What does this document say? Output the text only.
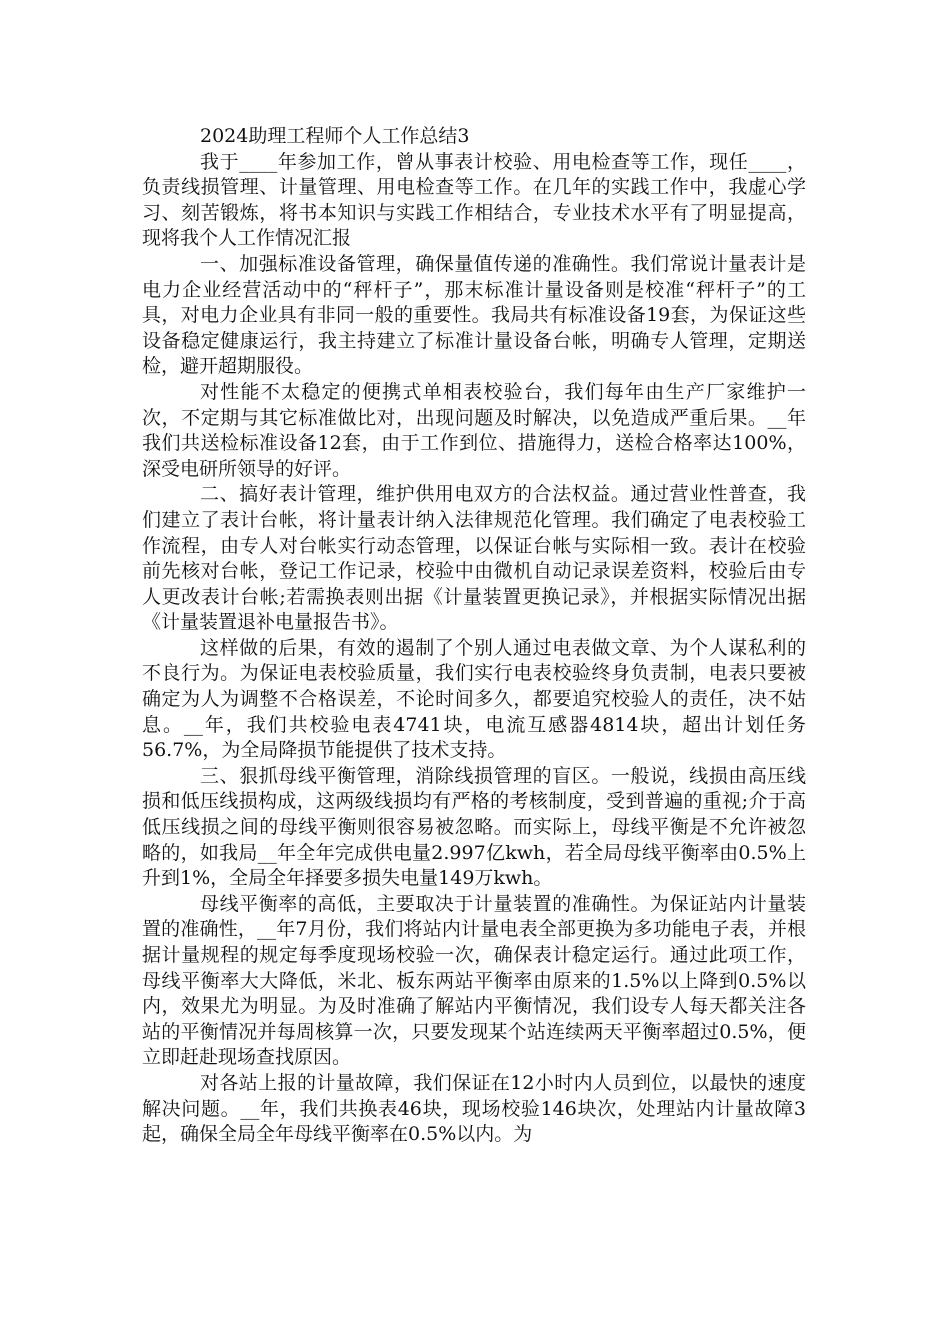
2024助理工程师个人工作总结3

我于____年参加工作，曾从事表计校验、用电检查等工作，现任____，负责线损管理、计量管理、用电检查等工作。在几年的实践工作中，我虚心学习、刻苦锻炼，将书本知识与实践工作相结合，专业技术水平有了明显提高，现将我个人工作情况汇报

一、加强标准设备管理，确保量值传递的准确性。我们常说计量表计是电力企业经营活动中的“秤杆子”，那末标准计量设备则是校准“秤杆子”的工具，对电力企业具有非同一般的重要性。我局共有标准设备19套，为保证这些设备稳定健康运行，我主持建立了标准计量设备台帐，明确专人管理，定期送检，避开超期服役。

对性能不太稳定的便携式单相表校验台，我们每年由生产厂家维护一次，不定期与其它标准做比对，出现问题及时解决，以免造成严重后果。__年我们共送检标准设备12套，由于工作到位、措施得力，送检合格率达100%，深受电研所领导的好评。

二、搞好表计管理，维护供用电双方的合法权益。通过营业性普查，我们建立了表计台帐，将计量表计纳入法律规范化管理。我们确定了电表校验工作流程，由专人对台帐实行动态管理，以保证台帐与实际相一致。表计在校验前先核对台帐，登记工作记录，校验中由微机自动记录误差资料，校验后由专人更改表计台帐;若需换表则出据《计量装置更换记录》，并根据实际情况出据《计量装置退补电量报告书》。

这样做的后果，有效的遏制了个别人通过电表做文章、为个人谋私利的不良行为。为保证电表校验质量，我们实行电表校验终身负责制，电表只要被确定为人为调整不合格误差，不论时间多久，都要追究校验人的责任，决不姑息。__年，我们共校验电表4741块，电流互感器4814块，超出计划任务56.7%，为全局降损节能提供了技术支持。

三、狠抓母线平衡管理，消除线损管理的盲区。一般说，线损由高压线损和低压线损构成，这两级线损均有严格的考核制度，受到普遍的重视;介于高低压线损之间的母线平衡则很容易被忽略。而实际上，母线平衡是不允许被忽略的，如我局__年全年完成供电量2.997亿kwh，若全局母线平衡率由0.5%上升到1%，全局全年择要多损失电量149万kwh。

母线平衡率的高低，主要取决于计量装置的准确性。为保证站内计量装置的准确性，__年7月份，我们将站内计量电表全部更换为多功能电子表，并根据计量规程的规定每季度现场校验一次，确保表计稳定运行。通过此项工作，母线平衡率大大降低，米北、板东两站平衡率由原来的1.5%以上降到0.5%以内，效果尤为明显。为及时准确了解站内平衡情况，我们设专人每天都关注各站的平衡情况并每周核算一次，只要发现某个站连续两天平衡率超过0.5%，便立即赶赴现场查找原因。

对各站上报的计量故障，我们保证在12小时内人员到位，以最快的速度解决问题。__年，我们共换表46块，现场校验146块次，处理站内计量故障3起，确保全局全年母线平衡率在0.5%以内。为
